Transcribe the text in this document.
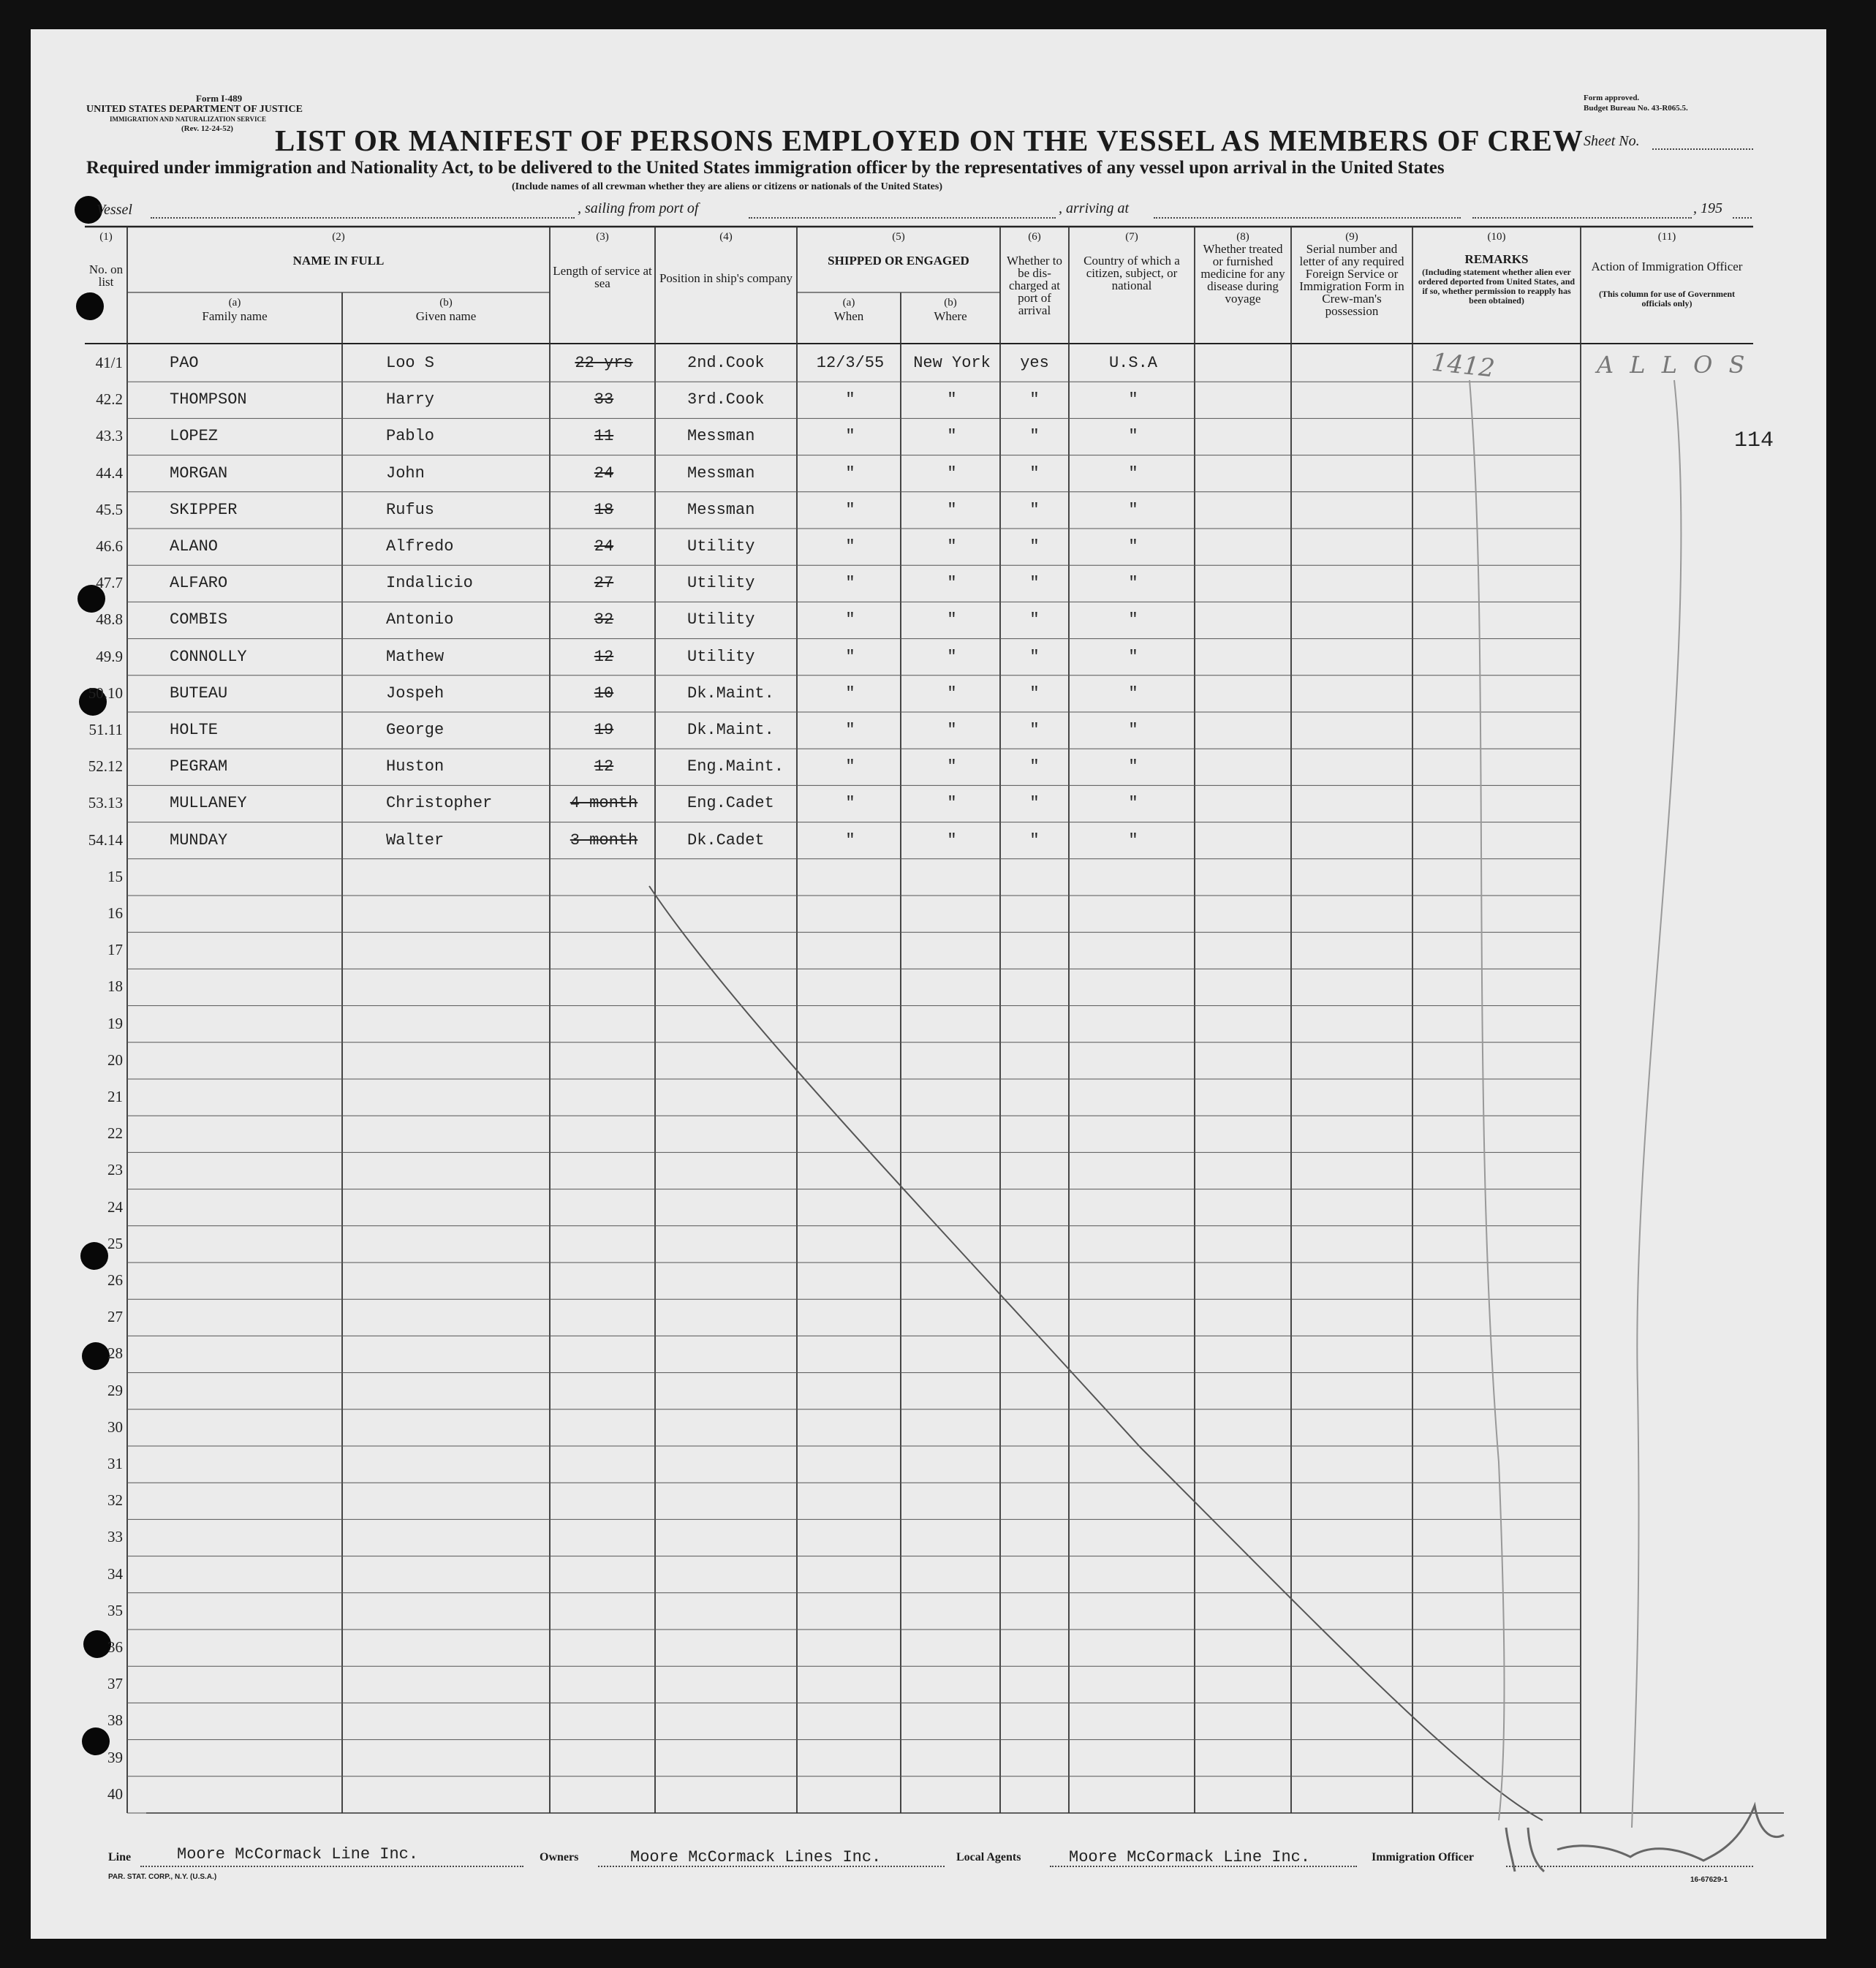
Form I-489
UNITED STATES DEPARTMENT OF JUSTICE
IMMIGRATION AND NATURALIZATION SERVICE
(Rev. 12-24-52)
Form approved.
Budget Bureau No. 43-R065.5.
LIST OR MANIFEST OF PERSONS EMPLOYED ON THE VESSEL AS MEMBERS OF CREW Sheet No.
Required under immigration and Nationality Act, to be delivered to the United States immigration officer by the representatives of any vessel upon arrival in the United States
(Include names of all crewman whether they are aliens or citizens or nationals of the United States)
Vessel	, sailing from port of	, arriving at	, 195
(1)
No. on list
(2)
NAME IN FULL
(a)
Family name
(b)
Given name
(3)
Length of service at sea
(4)
Position in ship's company
(5)
SHIPPED OR ENGAGED
(a)
When
(b)
Where
(6)
Whether to be dis-charged at port of arrival
(7)
Country of which a citizen, subject, or national
(8)
Whether treated or furnished medicine for any disease during voyage
(9)
Serial number and letter of any required Foreign Service or Immigration Form in Crew-man's possession
(10)
REMARKS
(Including statement whether alien ever ordered deported from United States, and if so, whether permission to reapply has been obtained)
(11)
Action of Immigration Officer
(This column for use of Government officials only)
41/1	PAO	Loo S	22 yrs	2nd.Cook	12/3/55	New York	yes	U.S.A
42.2	THOMPSON	Harry	33	3rd.Cook	"	"	"	"
43.3	LOPEZ	Pablo	11	Messman	"	"	"	"
44.4	MORGAN	John	24	Messman	"	"	"	"
45.5	SKIPPER	Rufus	18	Messman	"	"	"	"
46.6	ALANO	Alfredo	24	Utility	"	"	"	"
47.7	ALFARO	Indalicio	27	Utility	"	"	"	"
48.8	COMBIS	Antonio	32	Utility	"	"	"	"
49.9	CONNOLLY	Mathew	12	Utility	"	"	"	"
50.10	BUTEAU	Jospeh	10	Dk.Maint.	"	"	"	"
51.11	HOLTE	George	19	Dk.Maint.	"	"	"	"
52.12	PEGRAM	Huston	12	Eng.Maint.	"	"	"	"
53.13	MULLANEY	Christopher	4 month	Eng.Cadet	"	"	"	"
54.14	MUNDAY	Walter	3 month	Dk.Cadet	"	"	"	"
15
16
17
18
19
20
21
22
23
24
25
26
27
28
29
30
31
32
33
34
35
36
37
38
39
40
1412	A L L O S
114
Line	Moore McCormack Line Inc.	Owners	Moore McCormack Lines Inc.	Local Agents	Moore McCormack Line Inc.	Immigration Officer
PAR. STAT. CORP., N.Y. (U.S.A.)	16-67629-1
